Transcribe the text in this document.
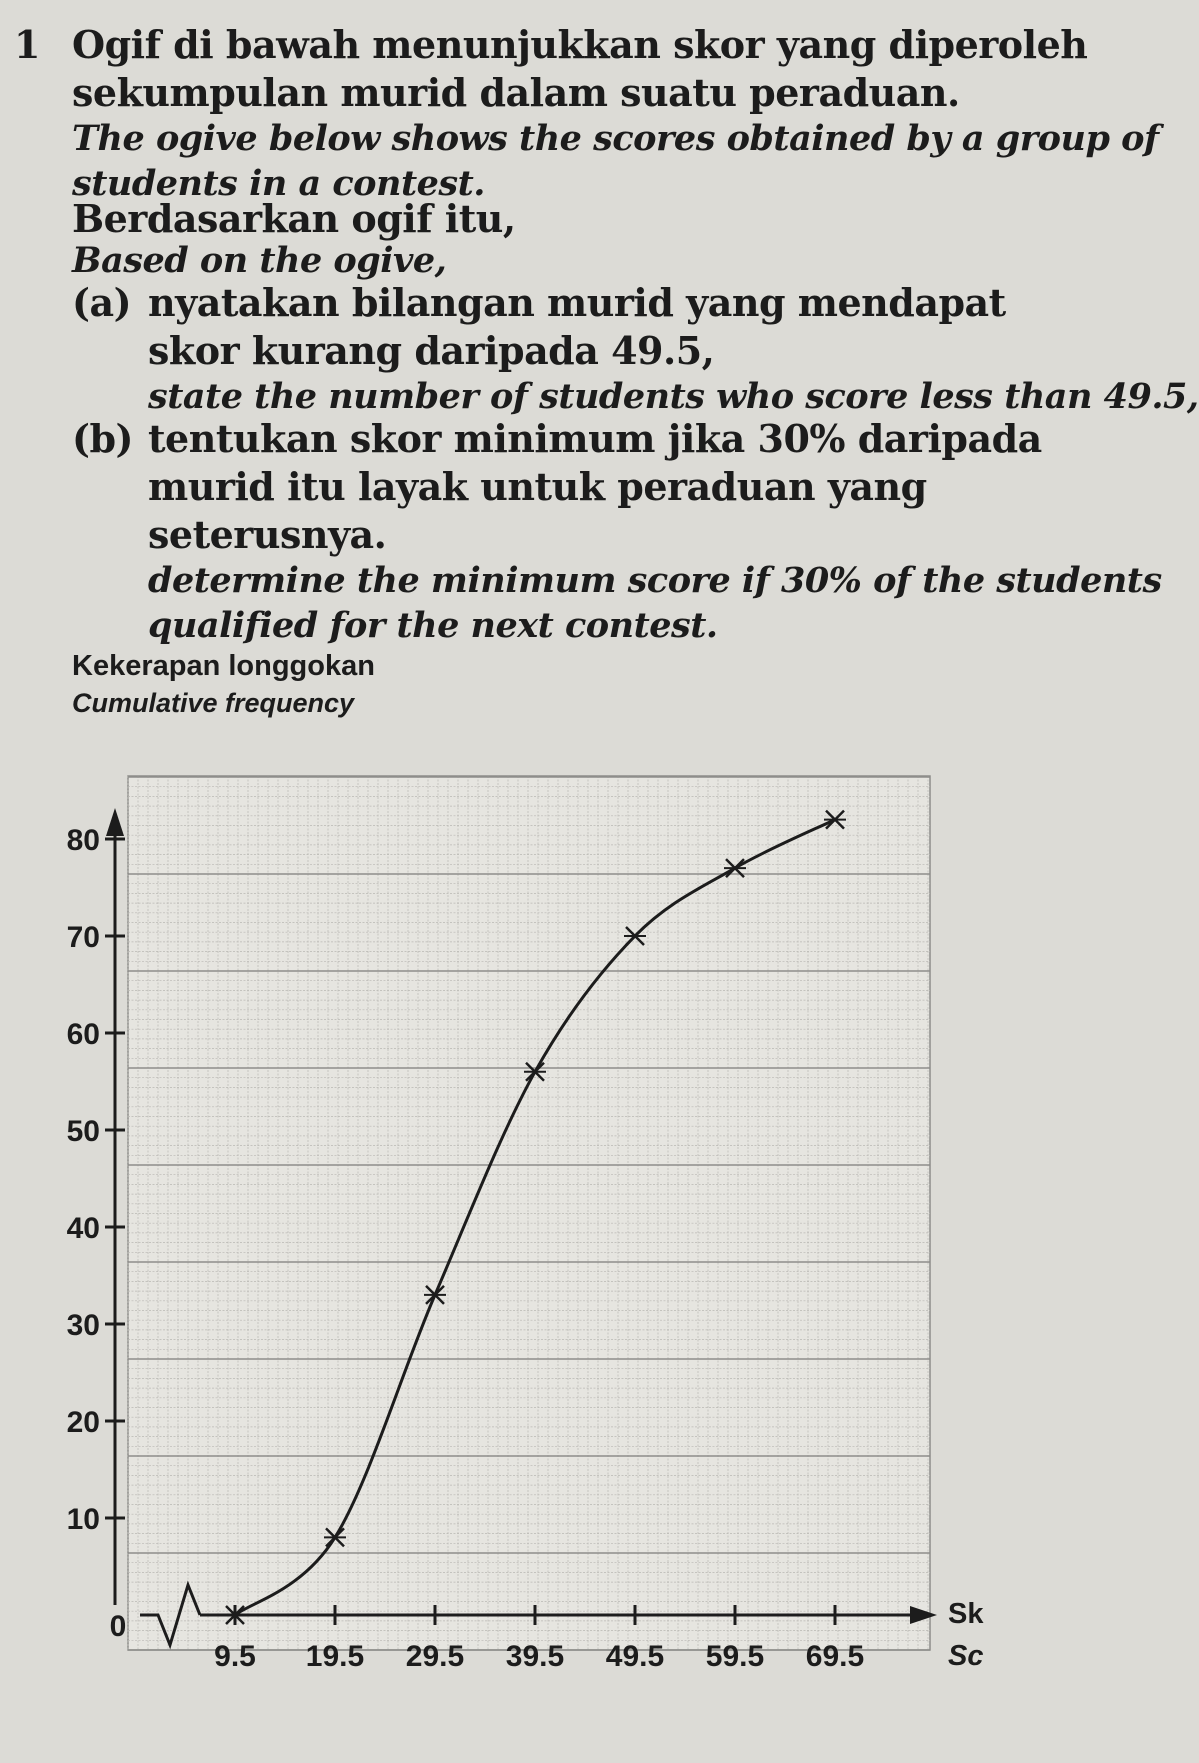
1 Ogif di bawah menunjukkan skor yang diperoleh
sekumpulan murid dalam suatu peraduan.
The ogive below shows the scores obtained by a group of
students in a contest.
Berdasarkan ogif itu,
Based on the ogive,
(a) nyatakan bilangan murid yang mendapat
skor kurang daripada 49.5,
state the number of students who score less than 49.5,
(b) tentukan skor minimum jika 30% daripada
murid itu layak untuk peraduan yang
seterusnya.
determine the minimum score if 30% of the students
qualified for the next contest.
Kekerapan longgokan
Cumulative frequency
10
20
30
40
50
60
70
80
9.5 19.5 29.5 39.5 49.5 59.5 69.5
0	Sk
Sc
